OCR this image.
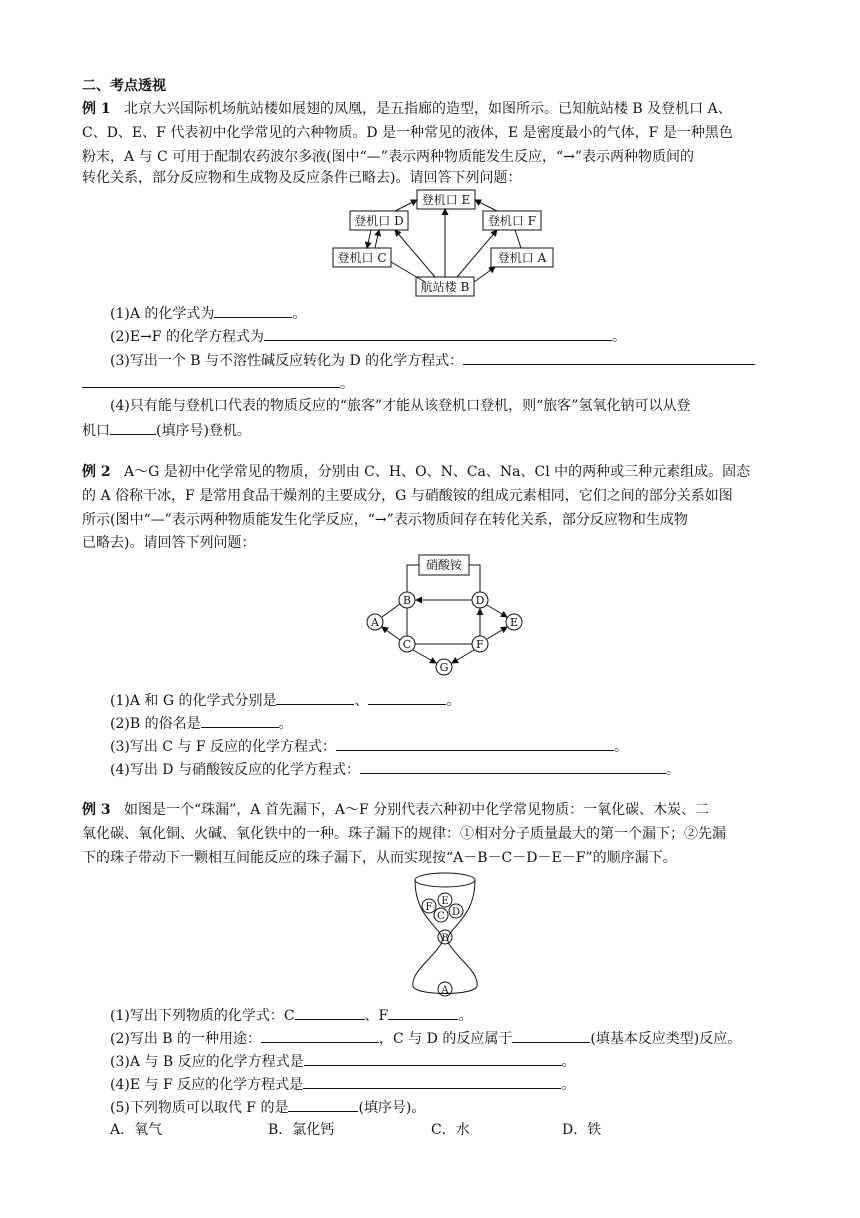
二、考点透视
例 1 北京大兴国际机场航站楼如展翅的凤凰，是五指廊的造型，如图所示。已知航站楼 B 及登机口 A、
C、D、E、F 代表初中化学常见的六种物质。D 是一种常见的液体，E 是密度最小的气体，F 是一种黑色
粉末，A 与 C 可用于配制农药波尔多液(图中“—”表示两种物质能发生反应，“→”表示两种物质间的
转化关系，部分反应物和生成物及反应条件已略去)。请回答下列问题：
登机口 E
登机口 D	登机口 F
登机口 C	登机口 A
航站楼 B
(1)A 的化学式为	。
(2)E→F 的化学方程式为	。
(3)写出一个 B 与不溶性碱反应转化为 D 的化学方程式：
。
(4)只有能与登机口代表的物质反应的“旅客”才能从该登机口登机，则“旅客”氢氧化钠可以从登
机口	(填序号)登机。
例 2 A～G 是初中化学常见的物质，分别由 C、H、O、N、Ca、Na、Cl 中的两种或三种元素组成。固态
的 A 俗称干冰，F 是常用食品干燥剂的主要成分，G 与硝酸铵的组成元素相同，它们之间的部分关系如图
所示(图中“—”表示两种物质能发生化学反应，“→”表示物质间存在转化关系，部分反应物和生成物
已略去)。请回答下列问题：
硝酸铵
B	D
A	E
C	F
G
(1)A 和 G 的化学式分别是	、	。
(2)B 的俗名是	。
(3)写出 C 与 F 反应的化学方程式：	。
(4)写出 D 与硝酸铵反应的化学方程式：	。
例 3 如图是一个“珠漏”，A 首先漏下，A～F 分别代表六种初中化学常见物质：一氧化碳、木炭、二
氧化碳、氧化铜、火碱、氧化铁中的一种。珠子漏下的规律：①相对分子质量最大的第一个漏下；②先漏
下的珠子带动下一颗相互间能反应的珠子漏下，从而实现按“A－B－C－D－E－F”的顺序漏下。
E
F D
C
B
A
(1)写出下列物质的化学式：C	、F	。
(2)写出 B 的一种用途：	，C 与 D 的反应属于	(填基本反应类型)反应。
(3)A 与 B 反应的化学方程式是	。
(4)E 与 F 反应的化学方程式是	。
(5)下列物质可以取代 F 的是	(填序号)。
A．氧气	B．氯化钙	C．水	D．铁
